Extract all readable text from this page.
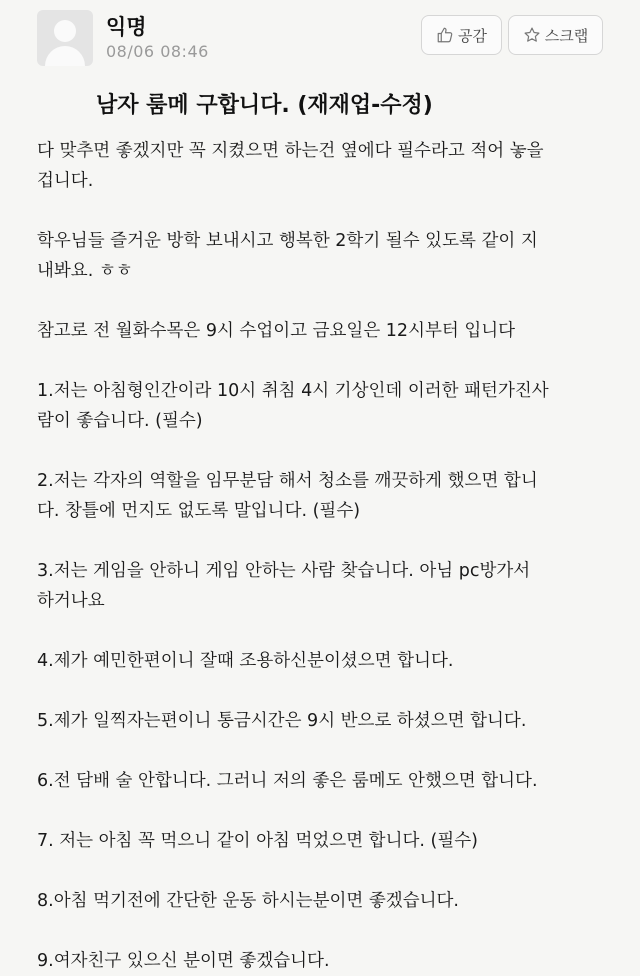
익명
08/06 08:46
공감	스크랩
남자 룸메 구합니다. (재재업-수정)

다 맞추면 좋겠지만 꼭 지켰으면 하는건 옆에다 필수라고 적어 놓을

겁니다.

학우님들 즐거운 방학 보내시고 행복한 2학기 될수 있도록 같이 지

내봐요. ㅎㅎ

참고로 전 월화수목은 9시 수업이고 금요일은 12시부터 입니다

1.저는 아침형인간이라 10시 취침 4시 기상인데 이러한 패턴가진사

람이 좋습니다. (필수)

2.저는 각자의 역할을 임무분담 해서 청소를 깨끗하게 했으면 합니

다. 창틀에 먼지도 없도록 말입니다. (필수)

3.저는 게임을 안하니 게임 안하는 사람 찾습니다. 아님 pc방가서

하거나요

4.제가 예민한편이니 잘때 조용하신분이셨으면 합니다.

5.제가 일찍자는편이니 통금시간은 9시 반으로 하셨으면 합니다.

6.전 담배 술 안합니다. 그러니 저의 좋은 룸메도 안했으면 합니다.

7. 저는 아침 꼭 먹으니 같이 아침 먹었으면 합니다. (필수)

8.아침 먹기전에 간단한 운동 하시는분이면 좋겠습니다.

9.여자친구 있으신 분이면 좋겠습니다.
